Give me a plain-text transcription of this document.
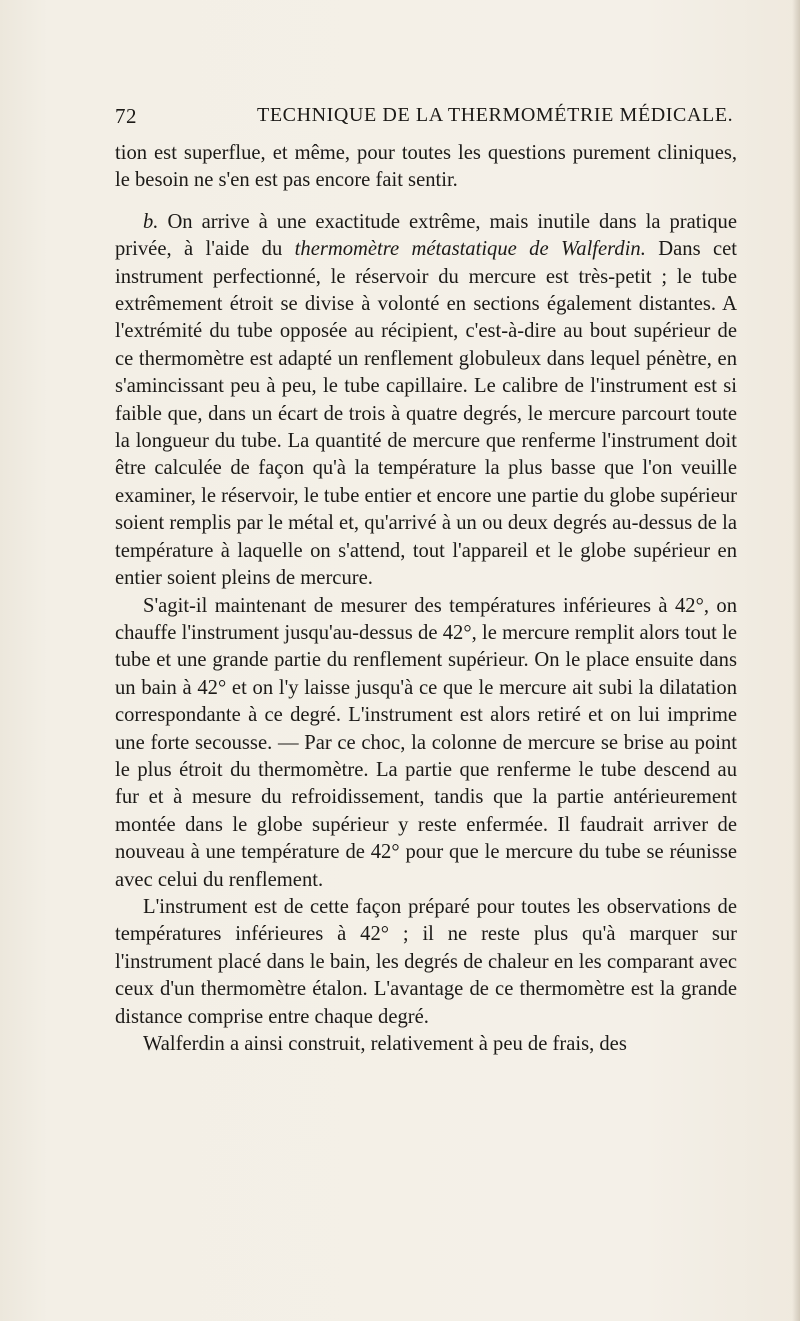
72	TECHNIQUE DE LA THERMOMÉTRIE MÉDICALE.

tion est superflue, et même, pour toutes les questions purement cliniques, le besoin ne s'en est pas encore fait sentir.

b. On arrive à une exactitude extrême, mais inutile dans la pratique privée, à l'aide du thermomètre métastatique de Walferdin. Dans cet instrument perfectionné, le réservoir du mercure est très-petit ; le tube extrêmement étroit se divise à volonté en sections également distantes. A l'extrémité du tube opposée au récipient, c'est-à-dire au bout supérieur de ce thermomètre est adapté un renflement globuleux dans lequel pénètre, en s'amincissant peu à peu, le tube capillaire. Le calibre de l'instrument est si faible que, dans un écart de trois à quatre degrés, le mercure parcourt toute la longueur du tube. La quantité de mercure que renferme l'instrument doit être calculée de façon qu'à la température la plus basse que l'on veuille examiner, le réservoir, le tube entier et encore une partie du globe supérieur soient remplis par le métal et, qu'arrivé à un ou deux degrés au-dessus de la température à laquelle on s'attend, tout l'appareil et le globe supérieur en entier soient pleins de mercure.

S'agit-il maintenant de mesurer des températures inférieures à 42°, on chauffe l'instrument jusqu'au-dessus de 42°, le mercure remplit alors tout le tube et une grande partie du renflement supérieur. On le place ensuite dans un bain à 42° et on l'y laisse jusqu'à ce que le mercure ait subi la dilatation correspondante à ce degré. L'instrument est alors retiré et on lui imprime une forte secousse. — Par ce choc, la colonne de mercure se brise au point le plus étroit du thermomètre. La partie que renferme le tube descend au fur et à mesure du refroidissement, tandis que la partie antérieurement montée dans le globe supérieur y reste enfermée. Il faudrait arriver de nouveau à une température de 42° pour que le mercure du tube se réunisse avec celui du renflement.

L'instrument est de cette façon préparé pour toutes les observations de températures inférieures à 42° ; il ne reste plus qu'à marquer sur l'instrument placé dans le bain, les degrés de chaleur en les comparant avec ceux d'un thermomètre étalon. L'avantage de ce thermomètre est la grande distance comprise entre chaque degré.

Walferdin a ainsi construit, relativement à peu de frais, des
